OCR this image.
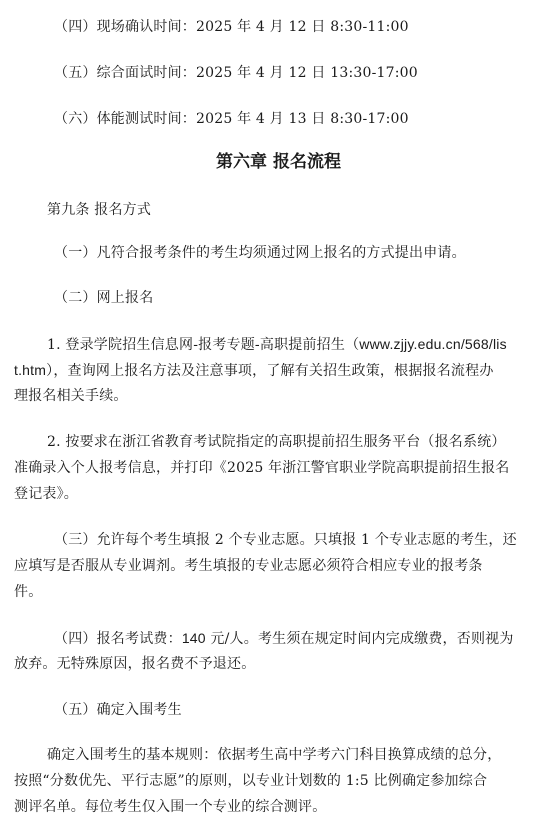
（四）现场确认时间：2025 年 4 月 12 日 8:30-11:00
（五）综合面试时间：2025 年 4 月 12 日 13:30-17:00
（六）体能测试时间：2025 年 4 月 13 日 8:30-17:00
第六章 报名流程
第九条 报名方式
（一）凡符合报考条件的考生均须通过网上报名的方式提出申请。
（二）网上报名
1. 登录学院招生信息网-报考专题-高职提前招生（www.zjjy.edu.cn/568/lis
t.htm），查询网上报名方法及注意事项，了解有关招生政策，根据报名流程办
理报名相关手续。
2. 按要求在浙江省教育考试院指定的高职提前招生服务平台（报名系统）
准确录入个人报考信息，并打印《2025 年浙江警官职业学院高职提前招生报名
登记表》。
（三）允许每个考生填报 2 个专业志愿。只填报 1 个专业志愿的考生，还
应填写是否服从专业调剂。考生填报的专业志愿必须符合相应专业的报考条
件。
（四）报名考试费：140 元/人。考生须在规定时间内完成缴费，否则视为
放弃。无特殊原因，报名费不予退还。
（五）确定入围考生
确定入围考生的基本规则：依据考生高中学考六门科目换算成绩的总分，
按照“分数优先、平行志愿”的原则，以专业计划数的 1:5 比例确定参加综合
测评名单。每位考生仅入围一个专业的综合测评。
